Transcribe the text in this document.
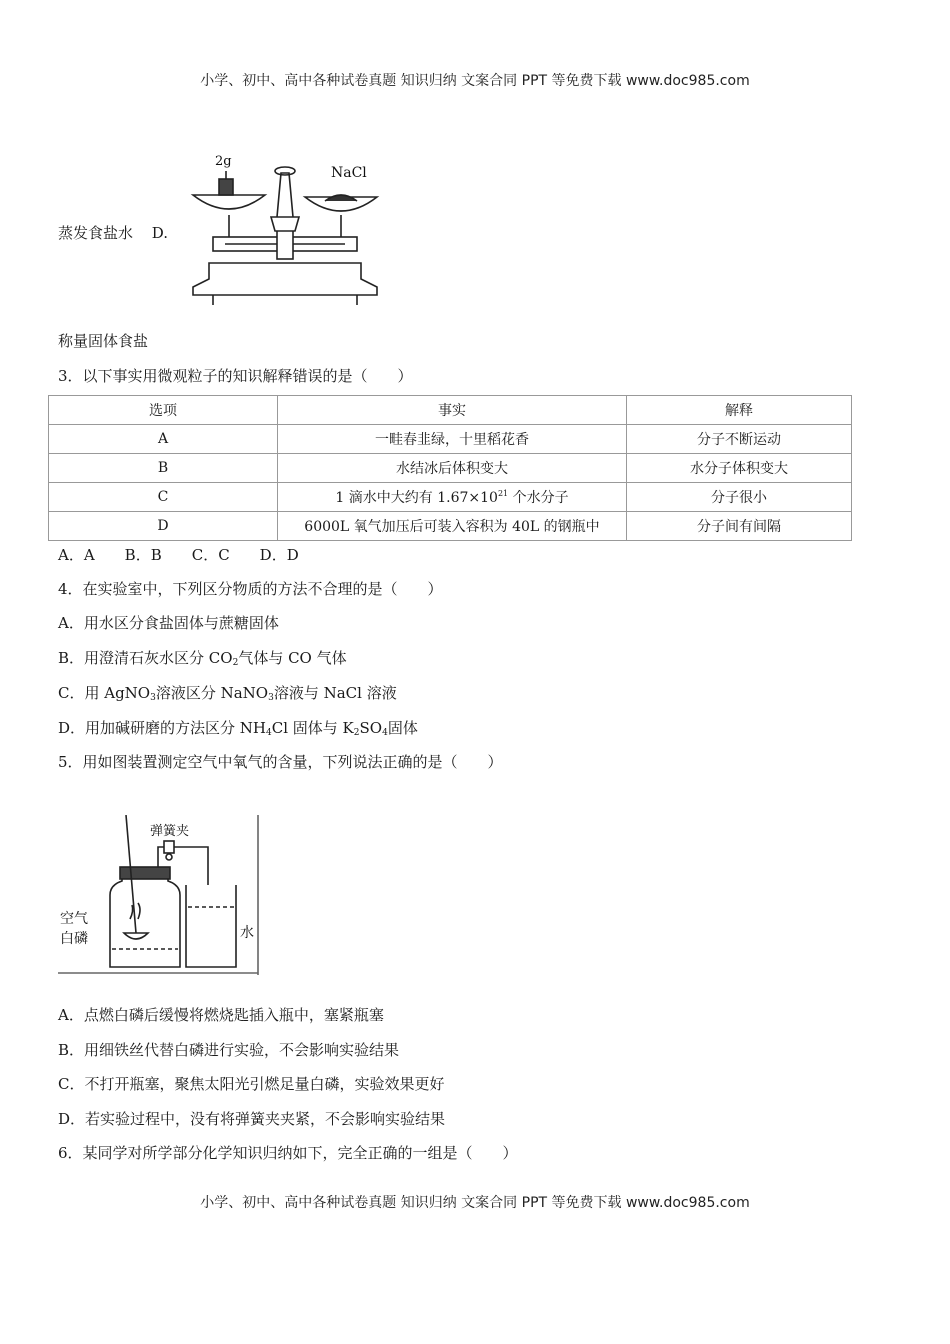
小学、初中、高中各种试卷真题 知识归纳 文案合同 PPT 等免费下载 www.doc985.com
蒸发食盐水 D.
2g
NaCl
称量固体食盐
3．以下事实用微观粒子的知识解释错误的是（　　）
选项	事实	解释
A	一畦春韭绿，十里稻花香	分子不断运动
B	水结冰后体积变大	水分子体积变大
C	1 滴水中大约有 $1.67\times 10^{21}$ 个水分子	分子很小
D	6000L 氧气加压后可装入容积为 40L 的钢瓶中	分子间有间隔
A．A　　B．B　　C．C　　D．D
4．在实验室中，下列区分物质的方法不合理的是（　　）
A．用水区分食盐固体与蔗糖固体
B．用澄清石灰水区分 $CO_2$气体与 CO 气体
C．用 AgNO$_3$溶液区分 NaNO$_3$溶液与 NaCl 溶液
D．用加碱研磨的方法区分 $NH_4Cl$ 固体与 $K_2SO_4$固体
5．用如图装置测定空气中氧气的含量，下列说法正确的是（　　）
弹簧夹
空气
白磷	水
A．点燃白磷后缓慢将燃烧匙插入瓶中，塞紧瓶塞
B．用细铁丝代替白磷进行实验，不会影响实验结果
C．不打开瓶塞，聚焦太阳光引燃足量白磷，实验效果更好
D．若实验过程中，没有将弹簧夹夹紧，不会影响实验结果
6．某同学对所学部分化学知识归纳如下，完全正确的一组是（　　）
小学、初中、高中各种试卷真题 知识归纳 文案合同 PPT 等免费下载 www.doc985.com
